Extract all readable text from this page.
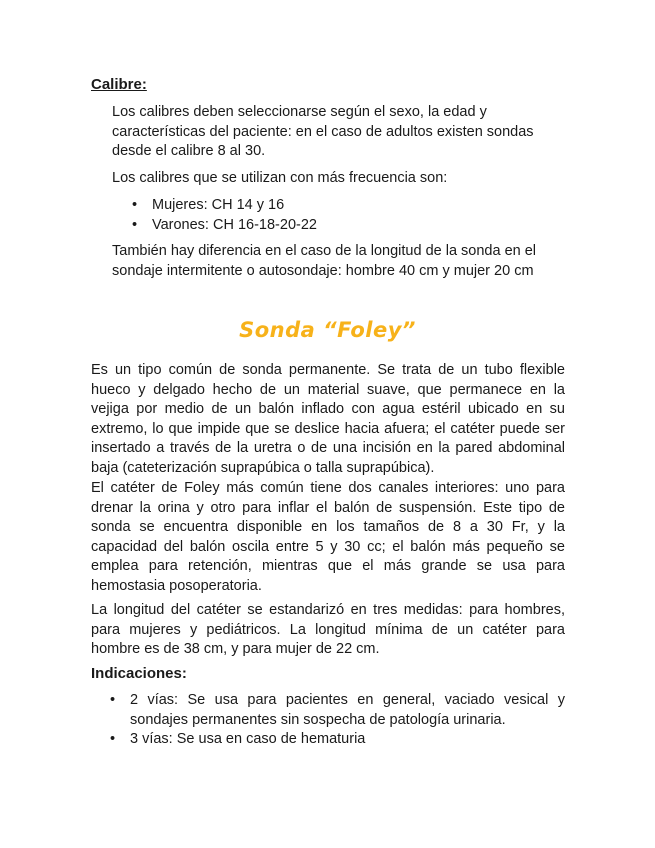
Calibre:

Los calibres deben seleccionarse según el sexo, la edad y características del paciente: en el caso de adultos existen sondas desde el calibre 8 al 30.

Los calibres que se utilizan con más frecuencia son:

• Mujeres: CH 14 y 16
• Varones: CH 16-18-20-22

También hay diferencia en el caso de la longitud de la sonda en el sondaje intermitente o autosondaje: hombre 40 cm y mujer 20 cm

Sonda “Foley”

Es un tipo común de sonda permanente. Se trata de un tubo flexible hueco y delgado hecho de un material suave, que permanece en la vejiga por medio de un balón inflado con agua estéril ubicado en su extremo, lo que impide que se deslice hacia afuera; el catéter puede ser insertado a través de la uretra o de una incisión en la pared abdominal baja (cateterización suprapúbica o talla suprapúbica).

El catéter de Foley más común tiene dos canales interiores: uno para drenar la orina y otro para inflar el balón de suspensión. Este tipo de sonda se encuentra disponible en los tamaños de 8 a 30 Fr, y la capacidad del balón oscila entre 5 y 30 cc; el balón más pequeño se emplea para retención, mientras que el más grande se usa para hemostasia posoperatoria.

La longitud del catéter se estandarizó en tres medidas: para hombres, para mujeres y pediátricos. La longitud mínima de un catéter para hombre es de 38 cm, y para mujer de 22 cm.

Indicaciones:
• 2 vías: Se usa para pacientes en general, vaciado vesical y sondajes permanentes sin sospecha de patología urinaria.
• 3 vías: Se usa en caso de hematuria
